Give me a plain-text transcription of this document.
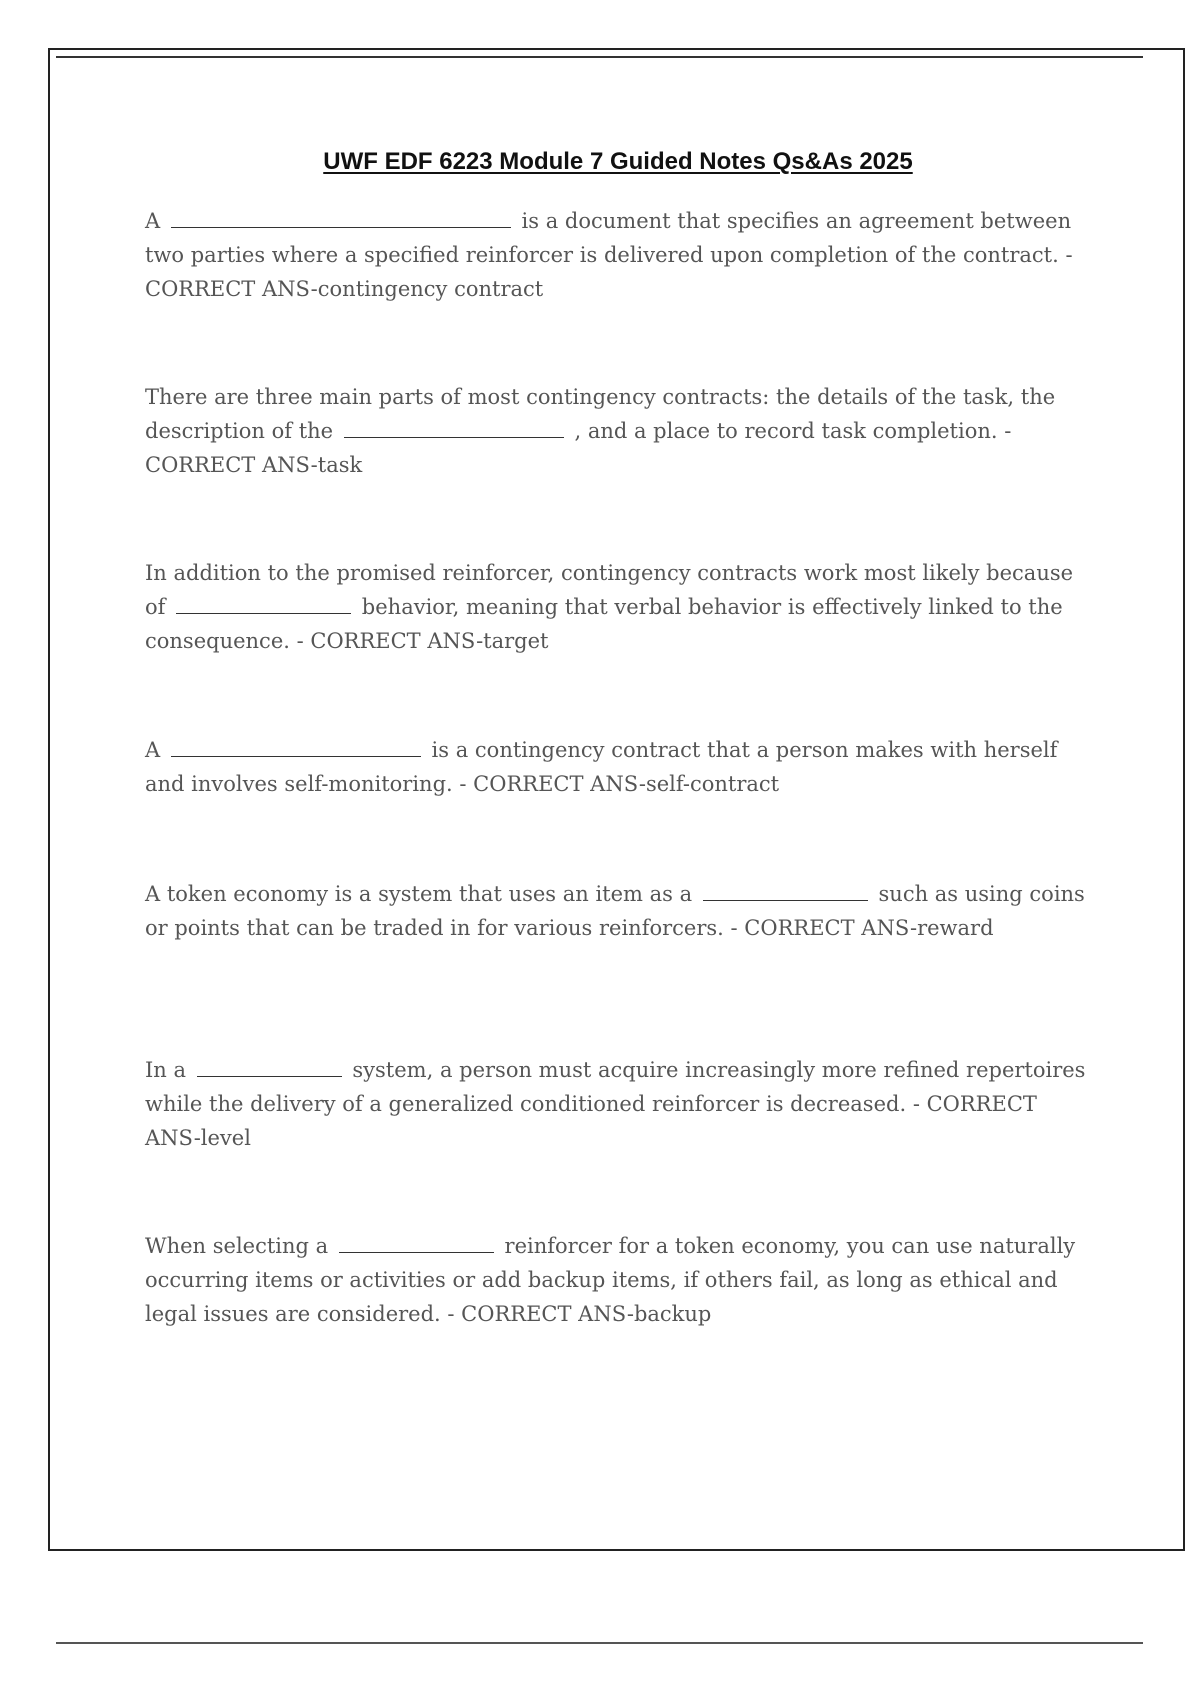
UWF EDF 6223 Module 7 Guided Notes Qs&As 2025

A	is a document that specifies an agreement between two parties where a specified reinforcer is delivered upon completion of the contract. - CORRECT ANS-contingency contract

There are three main parts of most contingency contracts: the details of the task, the description of the	, and a place to record task completion. - CORRECT ANS-task

In addition to the promised reinforcer, contingency contracts work most likely because of	behavior, meaning that verbal behavior is effectively linked to the consequence. - CORRECT ANS-target

A	is a contingency contract that a person makes with herself and involves self-monitoring. - CORRECT ANS-self-contract

A token economy is a system that uses an item as a	such as using coins or points that can be traded in for various reinforcers. - CORRECT ANS-reward

In a	system, a person must acquire increasingly more refined repertoires while the delivery of a generalized conditioned reinforcer is decreased. - CORRECT ANS-level

When selecting a	reinforcer for a token economy, you can use naturally occurring items or activities or add backup items, if others fail, as long as ethical and legal issues are considered. - CORRECT ANS-backup
